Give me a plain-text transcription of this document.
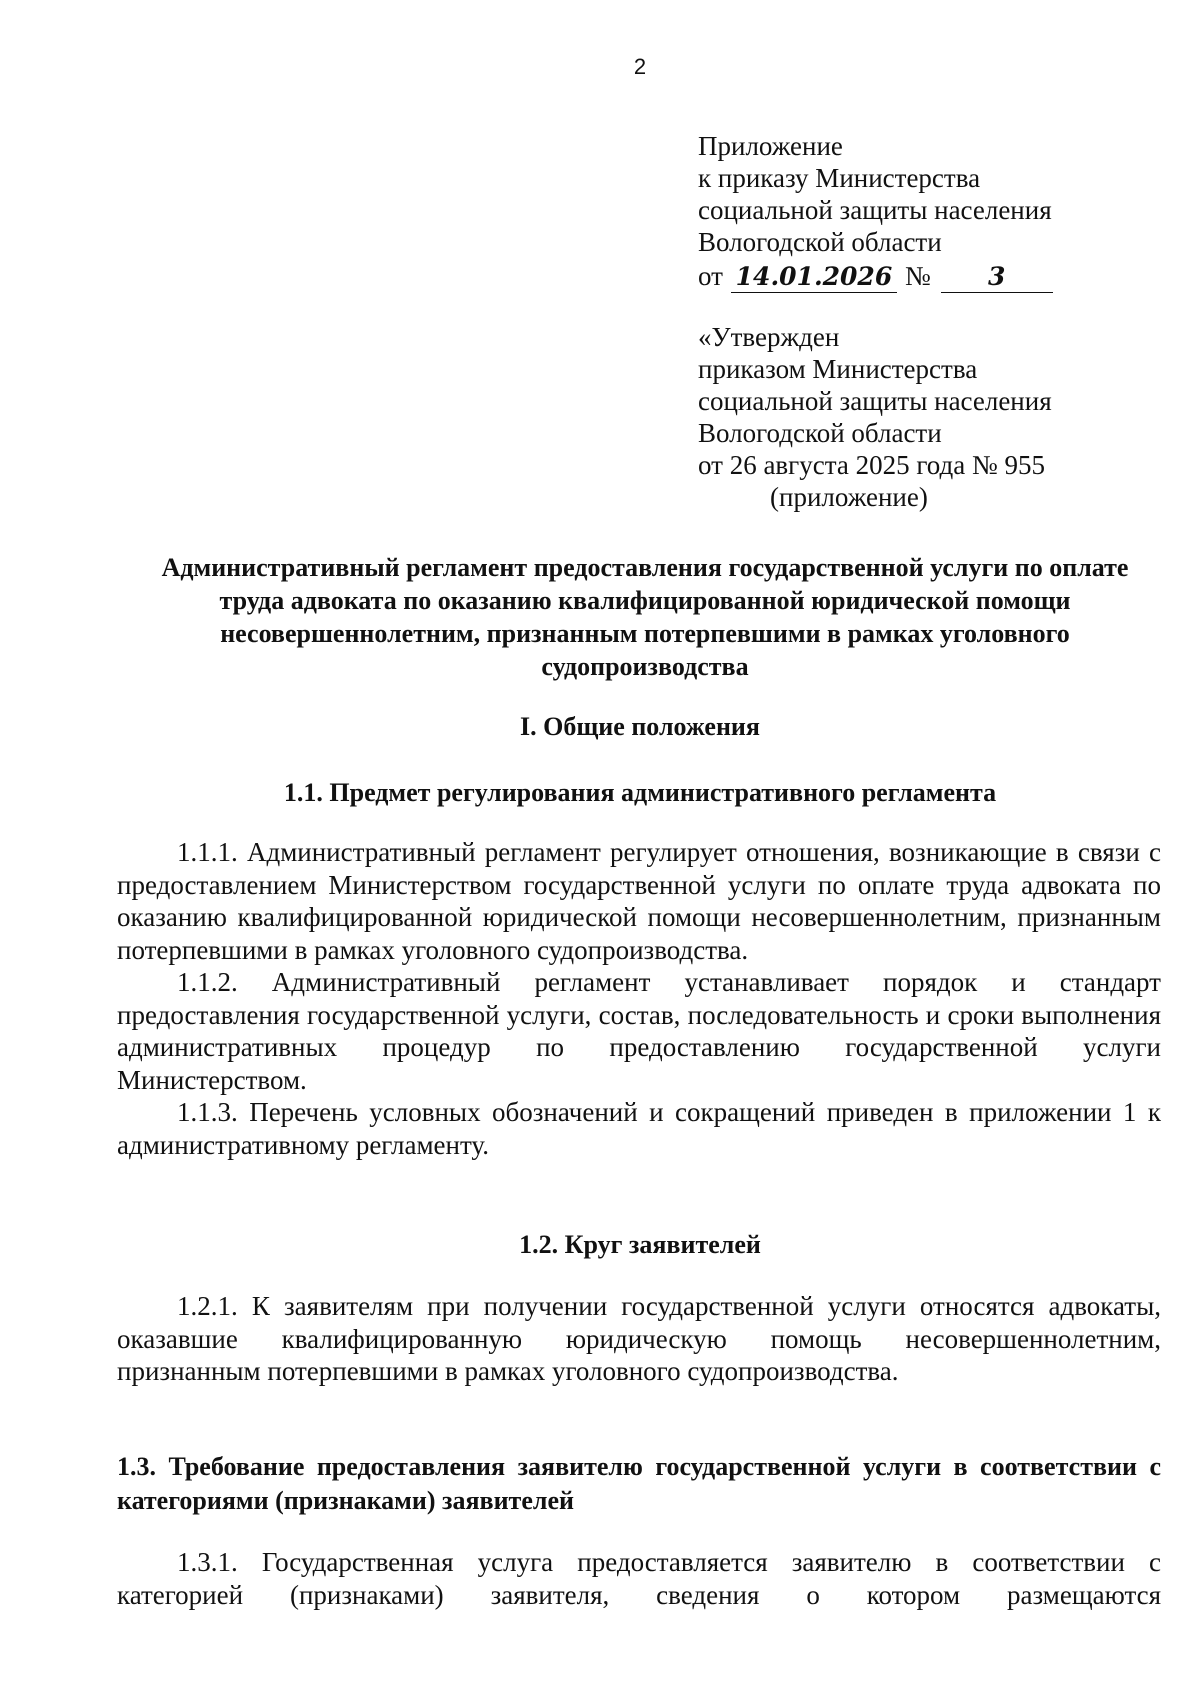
2
Приложение
к приказу Министерства
социальной защиты населения
Вологодской области
от 14.01.2026 №	3
«Утвержден
приказом Министерства
социальной защиты населения
Вологодской области
от 26 августа 2025 года № 955
(приложение)
Административный регламент предоставления государственной услуги по оплате труда адвоката по оказанию квалифицированной юридической помощи несовершеннолетним, признанным потерпевшими в рамках уголовного судопроизводства
I. Общие положения
1.1. Предмет регулирования административного регламента

1.1.1. Административный регламент регулирует отношения, возникающие в связи с предоставлением Министерством государственной услуги по оплате труда адвоката по оказанию квалифицированной юридической помощи несовершеннолетним, признанным потерпевшими в рамках уголовного судопроизводства.

1.1.2. Административный регламент устанавливает порядок и стандарт предоставления государственной услуги, состав, последовательность и сроки выполнения административных процедур по предоставлению государственной услуги Министерством.

1.1.3. Перечень условных обозначений и сокращений приведен в приложении 1 к административному регламенту.

1.2. Круг заявителей

1.2.1. К заявителям при получении государственной услуги относятся адвокаты, оказавшие квалифицированную юридическую помощь несовершеннолетним, признанным потерпевшими в рамках уголовного судопроизводства.

1.3. Требование предоставления заявителю государственной услуги в соответствии с категориями (признаками) заявителей

1.3.1. Государственная услуга предоставляется заявителю в соответствии с категорией (признаками) заявителя, сведения о котором размещаются
